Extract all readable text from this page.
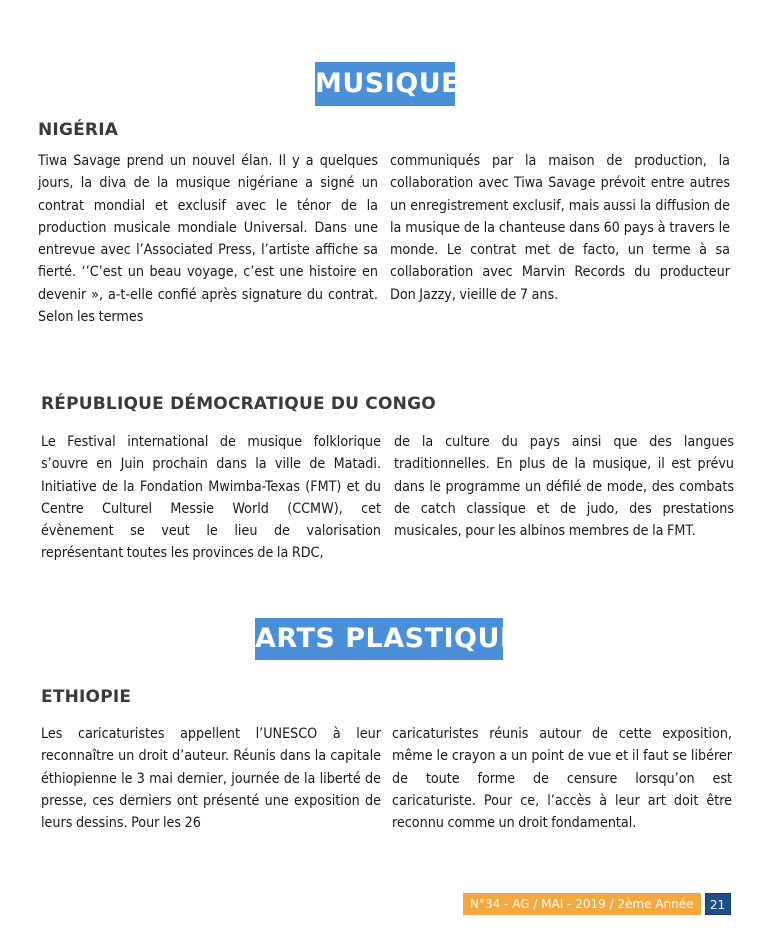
MUSIQUE
NIGÉRIA
Tiwa Savage prend un nouvel élan. Il y a quelques jours, la diva de la musique nigériane a signé un contrat mondial et exclusif avec le ténor de la production musicale mondiale Universal. Dans une entrevue avec l’Associated Press, l’artiste affiche sa fierté. ‘’C’est un beau voyage, c’est une histoire en devenir », a-t-elle confié après signature du contrat. Selon les termes
communiqués par la maison de production, la collaboration avec Tiwa Savage prévoit entre autres un enregistrement exclusif, mais aussi la diffusion de la musique de la chanteuse dans 60 pays à travers le monde. Le contrat met de facto, un terme à sa collaboration avec Marvin Records du producteur Don Jazzy, vieille de 7 ans.
RÉPUBLIQUE DÉMOCRATIQUE DU CONGO
Le Festival international de musique folklorique s’ouvre en Juin prochain dans la ville de Matadi. Initiative de la Fondation Mwimba-Texas (FMT) et du Centre Culturel Messie World (CCMW), cet évènement se veut le lieu de valorisation représentant toutes les provinces de la RDC,
de la culture du pays ainsi que des langues traditionnelles. En plus de la musique, il est prévu dans le programme un défilé de mode, des combats de catch classique et de judo, des prestations musicales, pour les albinos membres de la FMT.
ARTS PLASTIQUES
ETHIOPIE
Les caricaturistes appellent l’UNESCO à leur reconnaître un droit d’auteur. Réunis dans la capitale éthiopienne le 3 mai dernier, journée de la liberté de presse, ces derniers ont présenté une exposition de leurs dessins. Pour les 26
caricaturistes réunis autour de cette exposition, même le crayon a un point de vue et il faut se libérer de toute forme de censure lorsqu’on est caricaturiste. Pour ce, l’accès à leur art doit être reconnu comme un droit fondamental.
N°34 - AG / MAI - 2019 / 2ème Année	21
